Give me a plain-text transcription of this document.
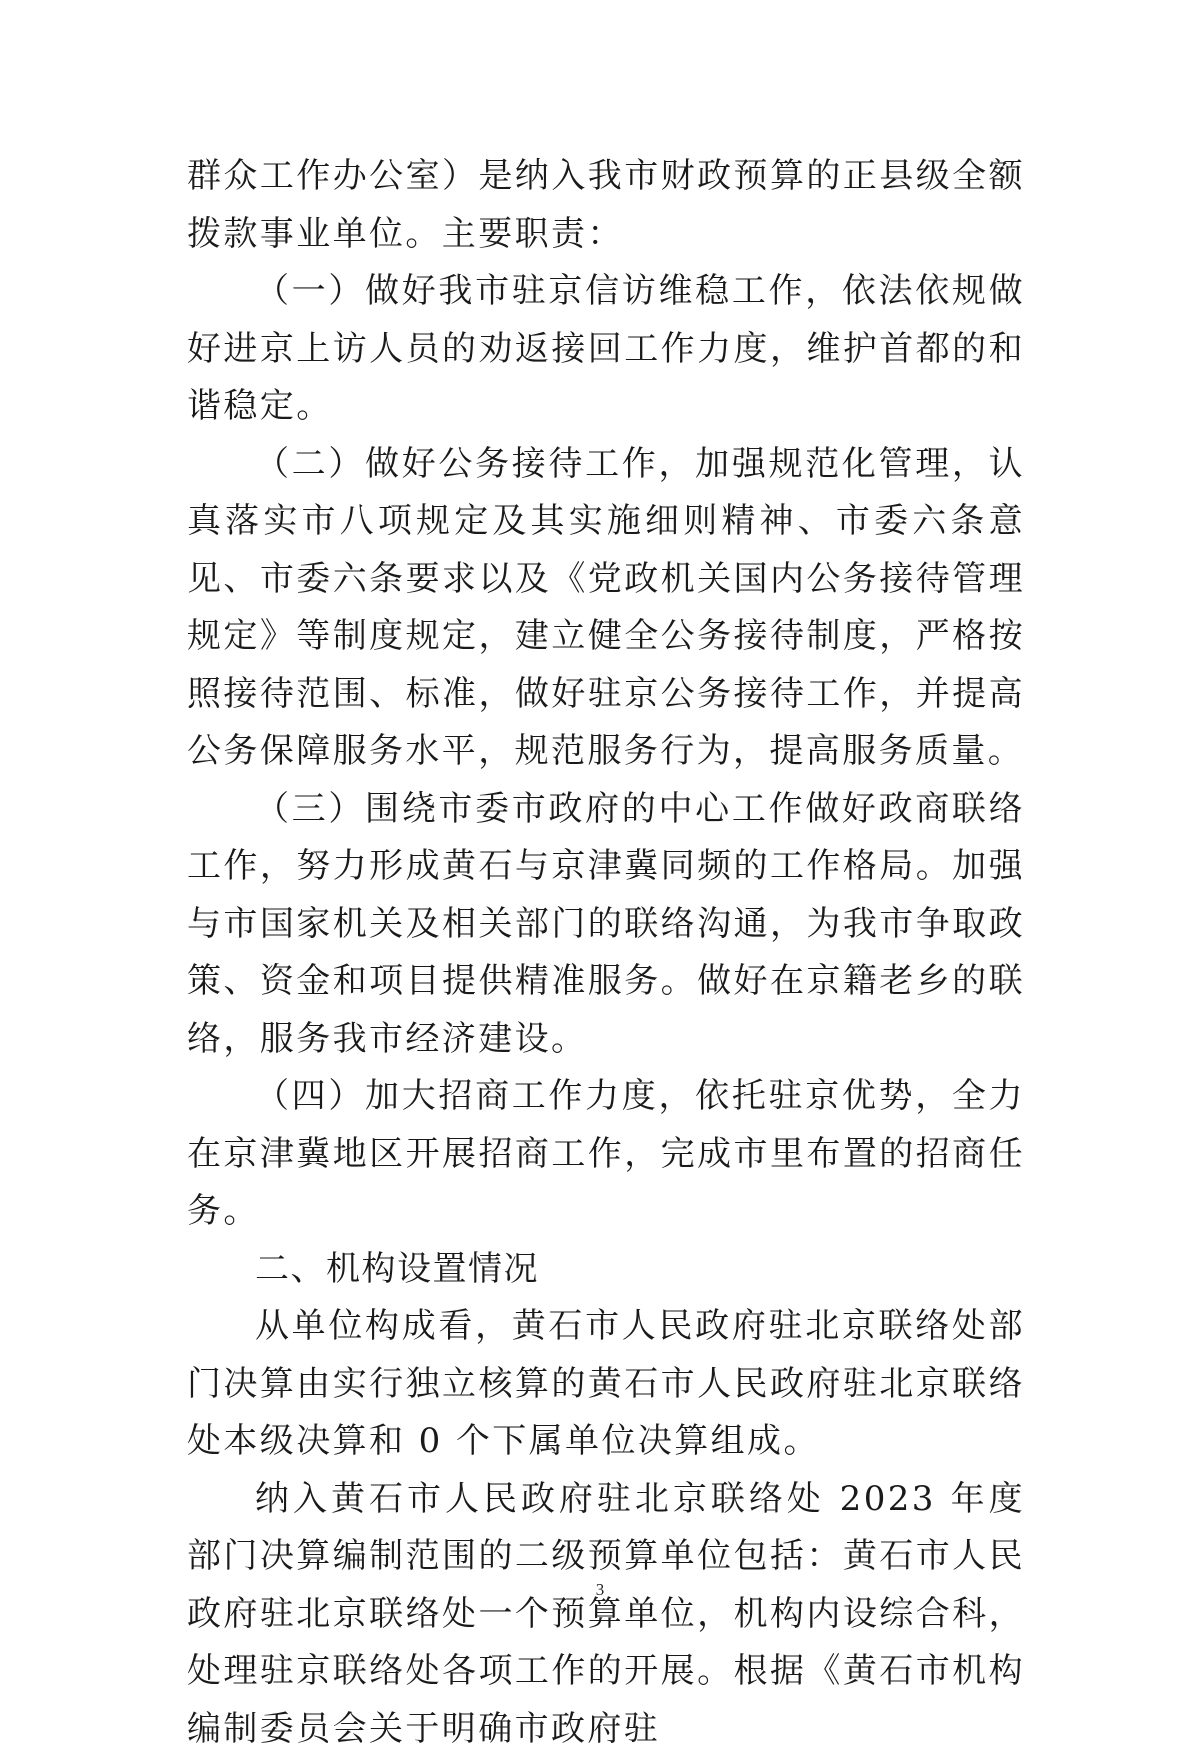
群众工作办公室）是纳入我市财政预算的正县级全额拨款事业单位。主要职责：

（一）做好我市驻京信访维稳工作，依法依规做好进京上访人员的劝返接回工作力度，维护首都的和谐稳定。

（二）做好公务接待工作，加强规范化管理，认真落实市八项规定及其实施细则精神、市委六条意见、市委六条要求以及《党政机关国内公务接待管理规定》等制度规定，建立健全公务接待制度，严格按照接待范围、标准，做好驻京公务接待工作，并提高公务保障服务水平，规范服务行为，提高服务质量。

（三）围绕市委市政府的中心工作做好政商联络工作，努力形成黄石与京津冀同频的工作格局。加强与市国家机关及相关部门的联络沟通，为我市争取政策、资金和项目提供精准服务。做好在京籍老乡的联络，服务我市经济建设。

（四）加大招商工作力度，依托驻京优势，全力在京津冀地区开展招商工作，完成市里布置的招商任务。

二、机构设置情况

从单位构成看，黄石市人民政府驻北京联络处部门决算由实行独立核算的黄石市人民政府驻北京联络处本级决算和 0 个下属单位决算组成。

纳入黄石市人民政府驻北京联络处 2023 年度部门决算编制范围的二级预算单位包括：黄石市人民政府驻北京联络处一个预算单位，机构内设综合科，处理驻京联络处各项工作的开展。根据《黄石市机构编制委员会关于明确市政府驻

3
